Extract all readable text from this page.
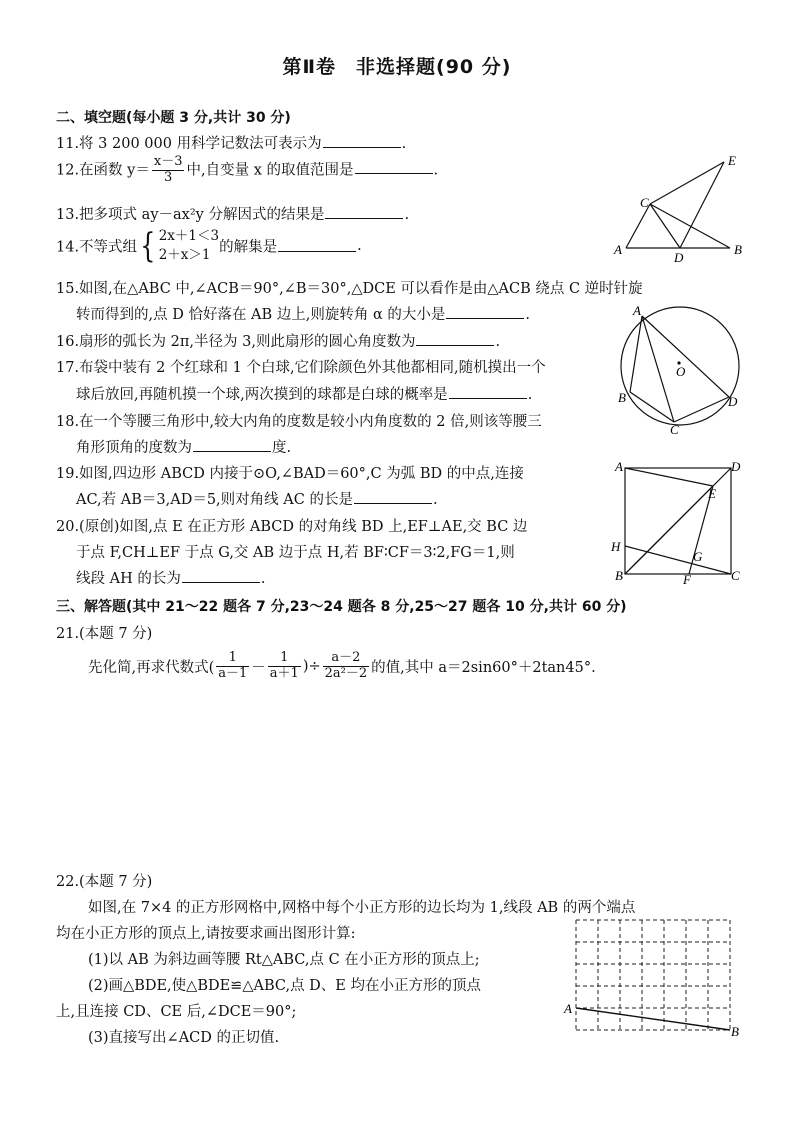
第Ⅱ卷　非选择题(90 分)
二、填空题(每小题 3 分,共计 30 分)
11.将 3 200 000 用科学记数法可表示为	.
12.在函数 $y= \frac{x-3}{3}$ 中,自变量 x 的取值范围是	.
13.把多项式 ay－ax²y 分解因式的结果是	.
14.不等式组{ 2x＋1＜3
2＋x＞1 的解集是	.
15.如图,在△ABC 中,∠ACB＝90°,∠B＝30°,△DCE 可以看作是由△ACB 绕点 C 逆时针旋
转而得到的,点 D 恰好落在 AB 边上,则旋转角 α 的大小是	.
16.扇形的弧长为 2π,半径为 3,则此扇形的圆心角度数为	.
17.布袋中装有 2 个红球和 1 个白球,它们除颜色外其他都相同,随机摸出一个
球后放回,再随机摸一个球,两次摸到的球都是白球的概率是	.
18.在一个等腰三角形中,较大内角的度数是较小内角度数的 2 倍,则该等腰三
角形顶角的度数为	度.
19.如图,四边形 ABCD 内接于⊙O,∠BAD＝60°,C 为弧 BD 的中点,连接
AC,若 AB＝3,AD＝5,则对角线 AC 的长是	.
20.(原创)如图,点 E 在正方形 ABCD 的对角线 BD 上,EF⊥AE,交 BC 边
于点 F,CH⊥EF 于点 G,交 AB 边于点 H,若 BF∶CF＝3∶2,FG＝1,则
线段 AH 的长为	.
三、解答题(其中 21～22 题各 7 分,23～24 题各 8 分,25～27 题各 10 分,共计 60 分)
21.(本题 7 分)
先化简,再求代数式( $\frac{1}{a-1} - \frac{1}{a+1}$ )÷ $\frac{a-2}{\text{2a²－2}}$ 的值,其中 a＝2sin60°＋2tan45°.
22.(本题 7 分)
如图,在 7×4 的正方形网格中,网格中每个小正方形的边长均为 1,线段 AB 的两个端点
均在小正方形的顶点上,请按要求画出图形计算:
(1)以 AB 为斜边画等腰 Rt△ABC,点 C 在小正方形的顶点上;
(2)画△BDE,使△BDE≌△ABC,点 D、E 均在小正方形的顶点
上,且连接 CD、CE 后,∠DCE＝90°;
(3)直接写出∠ACD 的正切值.
A	B
C
D
E
A
B
C
D
O
A	D
B	C
E
F
G
H
A
B
